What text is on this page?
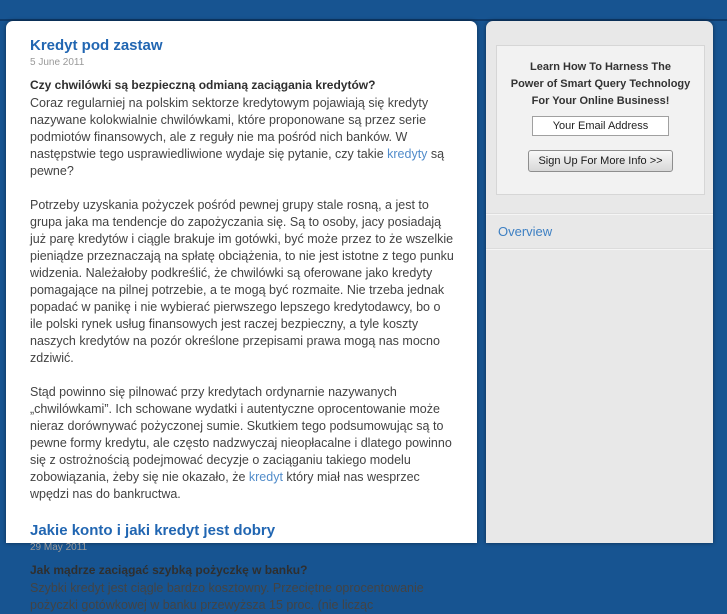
Kredyt pod zastaw
5 June 2011
Czy chwilówki są bezpieczną odmianą zaciągania kredytów?

Coraz regularniej na polskim sektorze kredytowym pojawiają się kredyty nazywane kolokwialnie chwilówkami, które proponowane są przez serie podmiotów finansowych, ale z reguły nie ma pośród nich banków. W następstwie tego usprawiedliwione wydaje się pytanie, czy takie kredyty są pewne?

Potrzeby uzyskania pożyczek pośród pewnej grupy stale rosną, a jest to grupa jaka ma tendencje do zapożyczania się. Są to osoby, jacy posiadają już parę kredytów i ciągle brakuje im gotówki, być może przez to że wszelkie pieniądze przeznaczają na spłatę obciążenia, to nie jest istotne z tego punku widzenia. Należałoby podkreślić, że chwilówki są oferowane jako kredyty pomagające na pilnej potrzebie, a te mogą być rozmaite. Nie trzeba jednak popadać w panikę i nie wybierać pierwszego lepszego kredytodawcy, bo o ile polski rynek usług finansowych jest raczej bezpieczny, a tyle koszty naszych kredytów na pozór określone przepisami prawa mogą nas mocno zdziwić.

Stąd powinno się pilnować przy kredytach ordynarnie nazywanych „chwilówkami”. Ich schowane wydatki i autentyczne oprocentowanie może nieraz dorównywać pożyczonej sumie. Skutkiem tego podsumowując są to pewne formy kredytu, ale często nadzwyczaj nieopłacalne i dlatego powinno się z ostrożnością podejmować decyzje o zaciąganiu takiego modelu zobowiązania, żeby się nie okazało, że kredyt który miał nas wesprzec wpędzi nas do bankructwa.

Jakie konto i jaki kredyt jest dobry
29 May 2011
Jak mądrze zaciągać szybką pożyczkę w banku?

Szybki kredyt jest ciągle bardzo kosztowny. Przeciętne oprocentowanie pożyczki gotówkowej w banku przewyższa 15 proc. (nie licząc

Learn How To Harness The
Power of Smart Query Technology
For Your Online Business!
Your Email Address
Sign Up For More Info >>
Overview
